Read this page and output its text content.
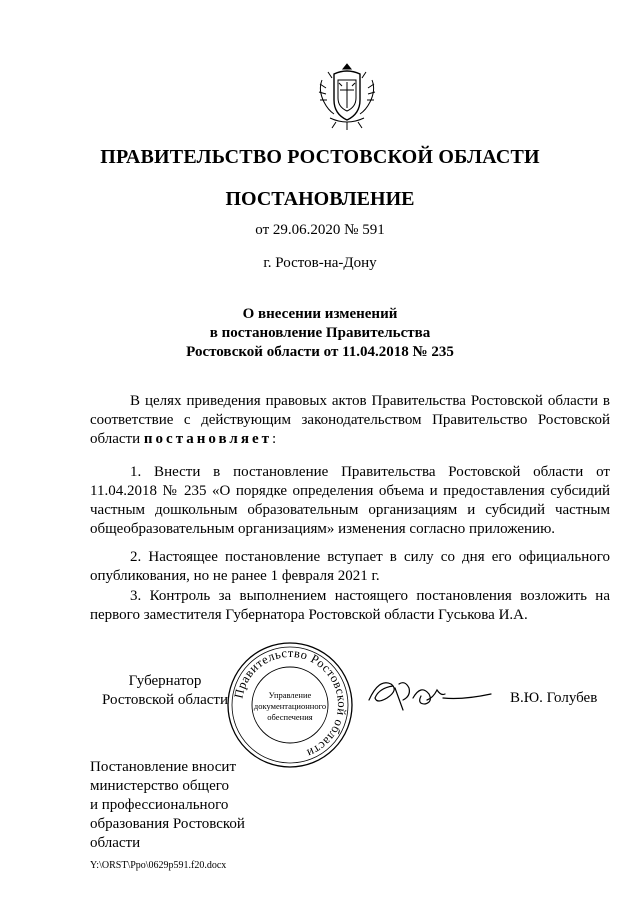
ПРАВИТЕЛЬСТВО РОСТОВСКОЙ ОБЛАСТИ
ПОСТАНОВЛЕНИЕ
от 29.06.2020 № 591
г. Ростов-на-Дону
О внесении изменений
в постановление Правительства
Ростовской области от 11.04.2018 № 235
В целях приведения правовых актов Правительства Ростовской области в соответствие с действующим законодательством Правительство Ростовской области постановляет:
1. Внести в постановление Правительства Ростовской области от 11.04.2018 № 235 «О порядке определения объема и предоставления субсидий частным дошкольным образовательным организациям и субсидий частным общеобразовательным организациям» изменения согласно приложению.
2. Настоящее постановление вступает в силу со дня его официального опубликования, но не ранее 1 февраля 2021 г.
3. Контроль за выполнением настоящего постановления возложить на первого заместителя Губернатора Ростовской области Гуськова И.А.
Губернатор
Ростовской области Правительство Ростовской области
Управление
документационного
обеспечения
В.Ю. Голубев
Постановление вносит
министерство общего
и профессионального
образования Ростовской
области
Y:\ORST\Ppo\0629p591.f20.docx
